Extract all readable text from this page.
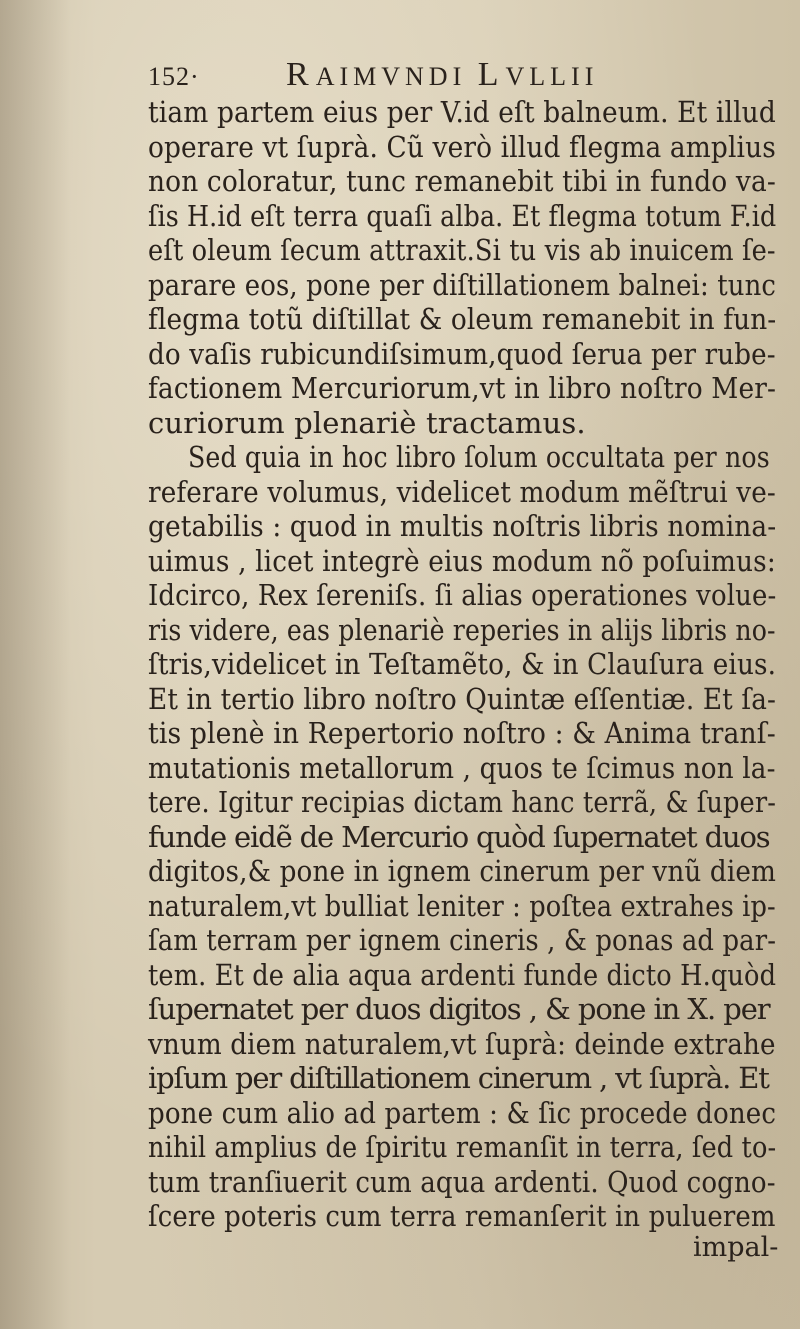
152·	RAIMVNDI LVLLII
tiam partem eius per V.id eſt balneum. Et illud
operare vt ſuprà. Cũ verò illud flegma amplius
non coloratur, tunc remanebit tibi in fundo va-
ſis H.id eſt terra quaſi alba. Et flegma totum F.id
eſt oleum ſecum attraxit.Si tu vis ab inuicem ſe-
parare eos, pone per diſtillationem balnei: tunc
flegma totũ diſtillat & oleum remanebit in fun-
do vaſis rubicundiſsimum,quod ſerua per rube-
factionem Mercuriorum,vt in libro noſtro Mer-
curiorum plenariè tractamus.
Sed quia in hoc libro ſolum occultata per nos
referare volumus, videlicet modum mẽſtrui ve-
getabilis : quod in multis noſtris libris nomina-
uimus , licet integrè eius modum nõ poſuimus:
Idcirco, Rex ſereniſs. ſi alias operationes volue-
ris videre, eas plenariè reperies in alijs libris no-
ſtris,videlicet in Teſtamẽto, & in Clauſura eius.
Et in tertio libro noſtro Quintæ eſſentiæ. Et ſa-
tis plenè in Repertorio noſtro : & Anima tranſ-
mutationis metallorum , quos te ſcimus non la-
tere. Igitur recipias dictam hanc terrã, & ſuper-
funde eidẽ de Mercurio quòd ſupernatet duos
digitos,& pone in ignem cinerum per vnũ diem
naturalem,vt bulliat leniter : poſtea extrahes ip-
ſam terram per ignem cineris , & ponas ad par-
tem. Et de alia aqua ardenti funde dicto H.quòd
ſupernatet per duos digitos , & pone in X. per
vnum diem naturalem,vt ſuprà: deinde extrahe
ipſum per diſtillationem cinerum , vt ſuprà. Et
pone cum alio ad partem : & ſic procede donec
nihil amplius de ſpiritu remanſit in terra, ſed to-
tum tranſiuerit cum aqua ardenti. Quod cogno-
ſcere poteris cum terra remanſerit in puluerem
impal-
